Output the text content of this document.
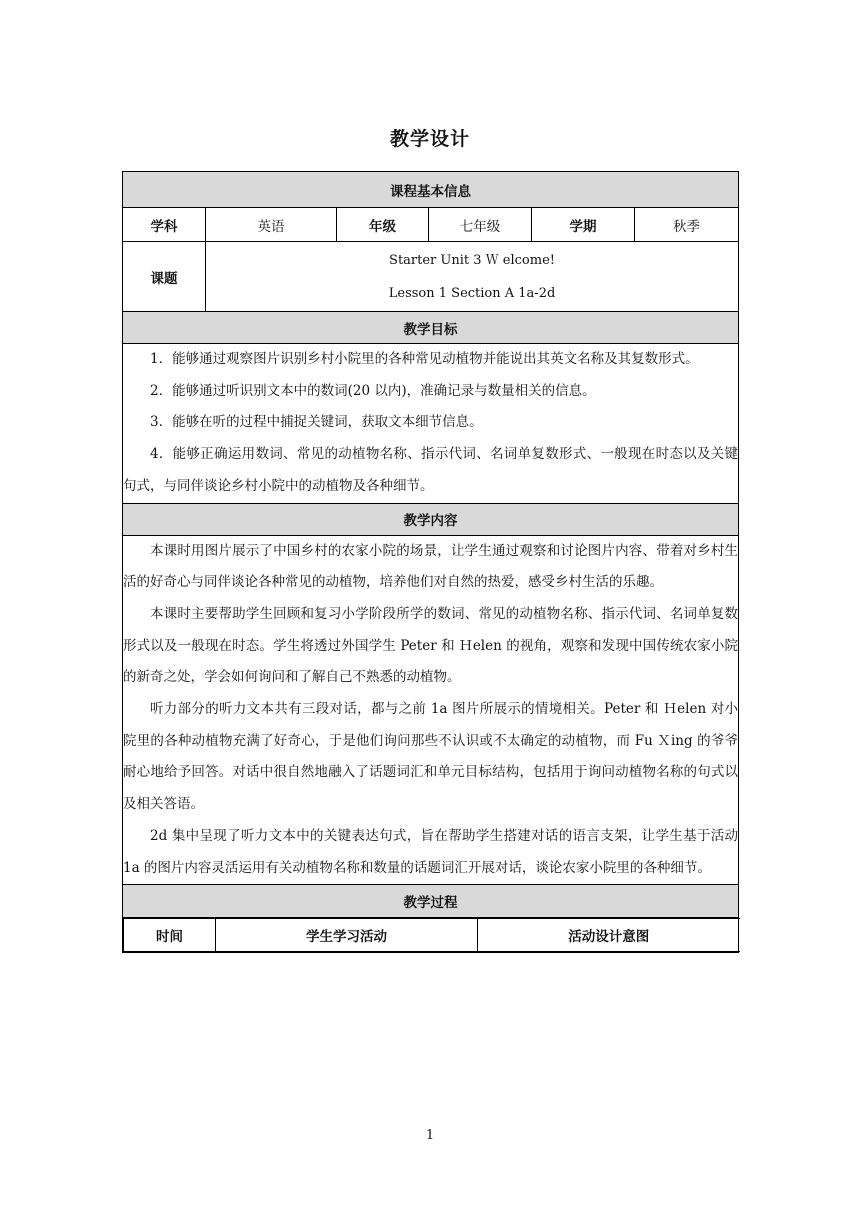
教学设计
课程基本信息
学科	英语	年级	七年级	学期	秋季
课题	
Starter Unit 3 Ｗ elcome!
Lesson 1 Section A 1a-2d

教学目标

1．能够通过观察图片识别乡村小院里的各种常见动植物并能说出其英文名称及其复数形式。

2．能够通过听识别文本中的数词(20 以内)，准确记录与数量相关的信息。

3．能够在听的过程中捕捉关键词，获取文本细节信息。

4．能够正确运用数词、常见的动植物名称、指示代词、名词单复数形式、一般现在时态以及关键句式，与同伴谈论乡村小院中的动植物及各种细节。

教学内容

本课时用图片展示了中国乡村的农家小院的场景，让学生通过观察和讨论图片内容、带着对乡村生活的好奇心与同伴谈论各种常见的动植物，培养他们对自然的热爱，感受乡村生活的乐趣。

本课时主要帮助学生回顾和复习小学阶段所学的数词、常见的动植物名称、指示代词、名词单复数形式以及一般现在时态。学生将透过外国学生 Peter 和 Ｈelen 的视角，观察和发现中国传统农家小院的新奇之处，学会如何询问和了解自己不熟悉的动植物。

听力部分的听力文本共有三段对话，都与之前 1a 图片所展示的情境相关。Peter 和 Ｈelen 对小院里的各种动植物充满了好奇心，于是他们询问那些不认识或不太确定的动植物，而 Fu Ｘing 的爷爷耐心地给予回答。对话中很自然地融入了话题词汇和单元目标结构，包括用于询问动植物名称的句式以及相关答语。

2d 集中呈现了听力文本中的关键表达句式，旨在帮助学生搭建对话的语言支架，让学生基于活动 1a 的图片内容灵活运用有关动植物名称和数量的话题词汇开展对话，谈论农家小院里的各种细节。

教学过程

时间	学生学习活动	活动设计意图
1
